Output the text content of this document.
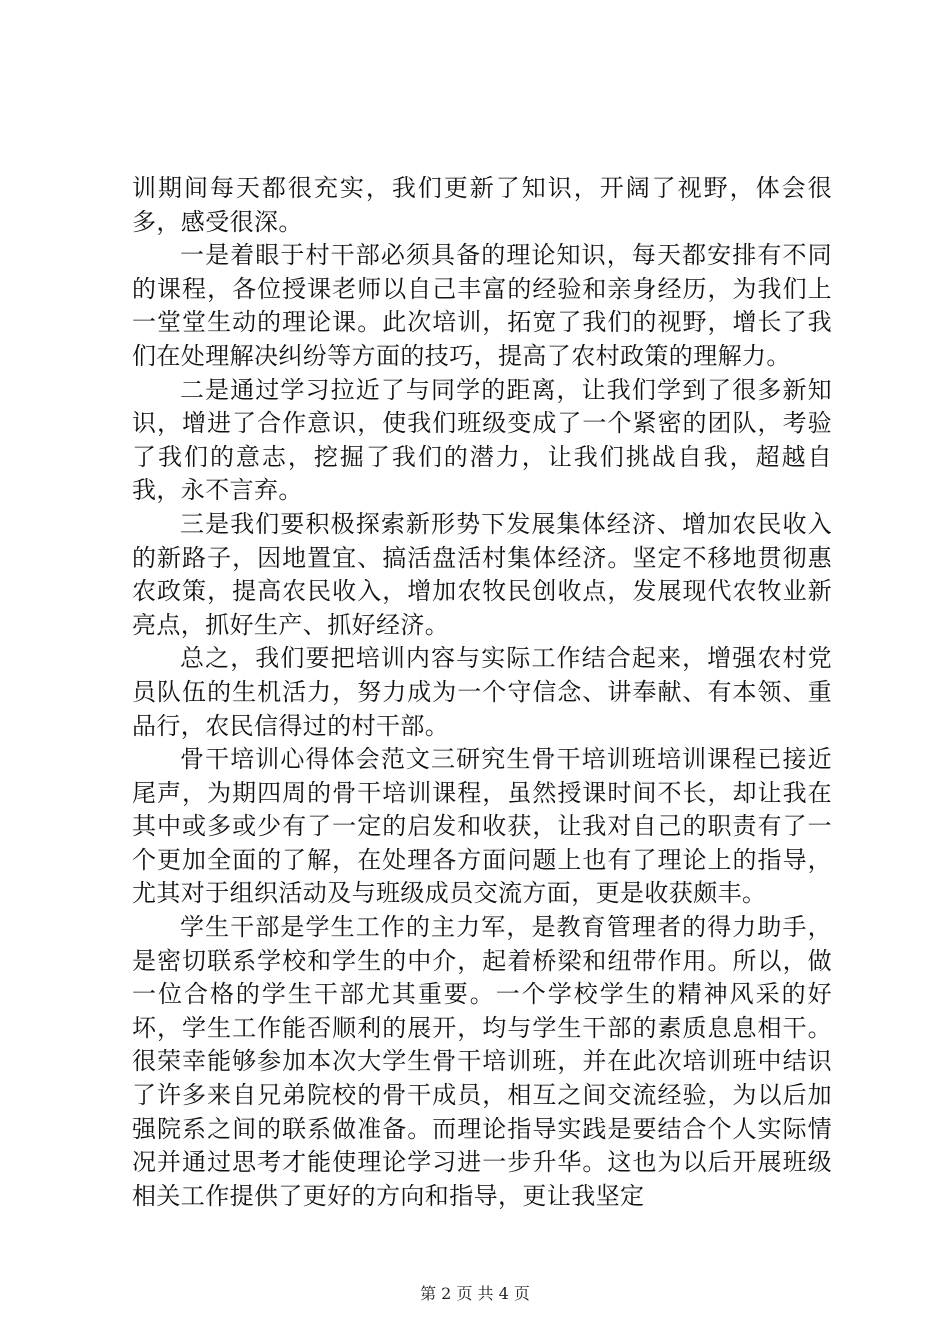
训期间每天都很充实，我们更新了知识，开阔了视野，体会很多，感受很深。

一是着眼于村干部必须具备的理论知识，每天都安排有不同的课程，各位授课老师以自己丰富的经验和亲身经历，为我们上一堂堂生动的理论课。此次培训，拓宽了我们的视野，增长了我们在处理解决纠纷等方面的技巧，提高了农村政策的理解力。

二是通过学习拉近了与同学的距离，让我们学到了很多新知识，增进了合作意识，使我们班级变成了一个紧密的团队，考验了我们的意志，挖掘了我们的潜力，让我们挑战自我，超越自我，永不言弃。

三是我们要积极探索新形势下发展集体经济、增加农民收入的新路子，因地置宜、搞活盘活村集体经济。坚定不移地贯彻惠农政策，提高农民收入，增加农牧民创收点，发展现代农牧业新亮点，抓好生产、抓好经济。

总之，我们要把培训内容与实际工作结合起来，增强农村党员队伍的生机活力，努力成为一个守信念、讲奉献、有本领、重品行，农民信得过的村干部。

骨干培训心得体会范文三研究生骨干培训班培训课程已接近尾声，为期四周的骨干培训课程，虽然授课时间不长，却让我在其中或多或少有了一定的启发和收获，让我对自己的职责有了一个更加全面的了解，在处理各方面问题上也有了理论上的指导，尤其对于组织活动及与班级成员交流方面，更是收获颇丰。

学生干部是学生工作的主力军，是教育管理者的得力助手，是密切联系学校和学生的中介，起着桥梁和纽带作用。所以，做一位合格的学生干部尤其重要。一个学校学生的精神风采的好坏，学生工作能否顺利的展开，均与学生干部的素质息息相干。很荣幸能够参加本次大学生骨干培训班，并在此次培训班中结识了许多来自兄弟院校的骨干成员，相互之间交流经验，为以后加强院系之间的联系做准备。而理论指导实践是要结合个人实际情况并通过思考才能使理论学习进一步升华。这也为以后开展班级相关工作提供了更好的方向和指导，更让我坚定

第 2 页 共 4 页
